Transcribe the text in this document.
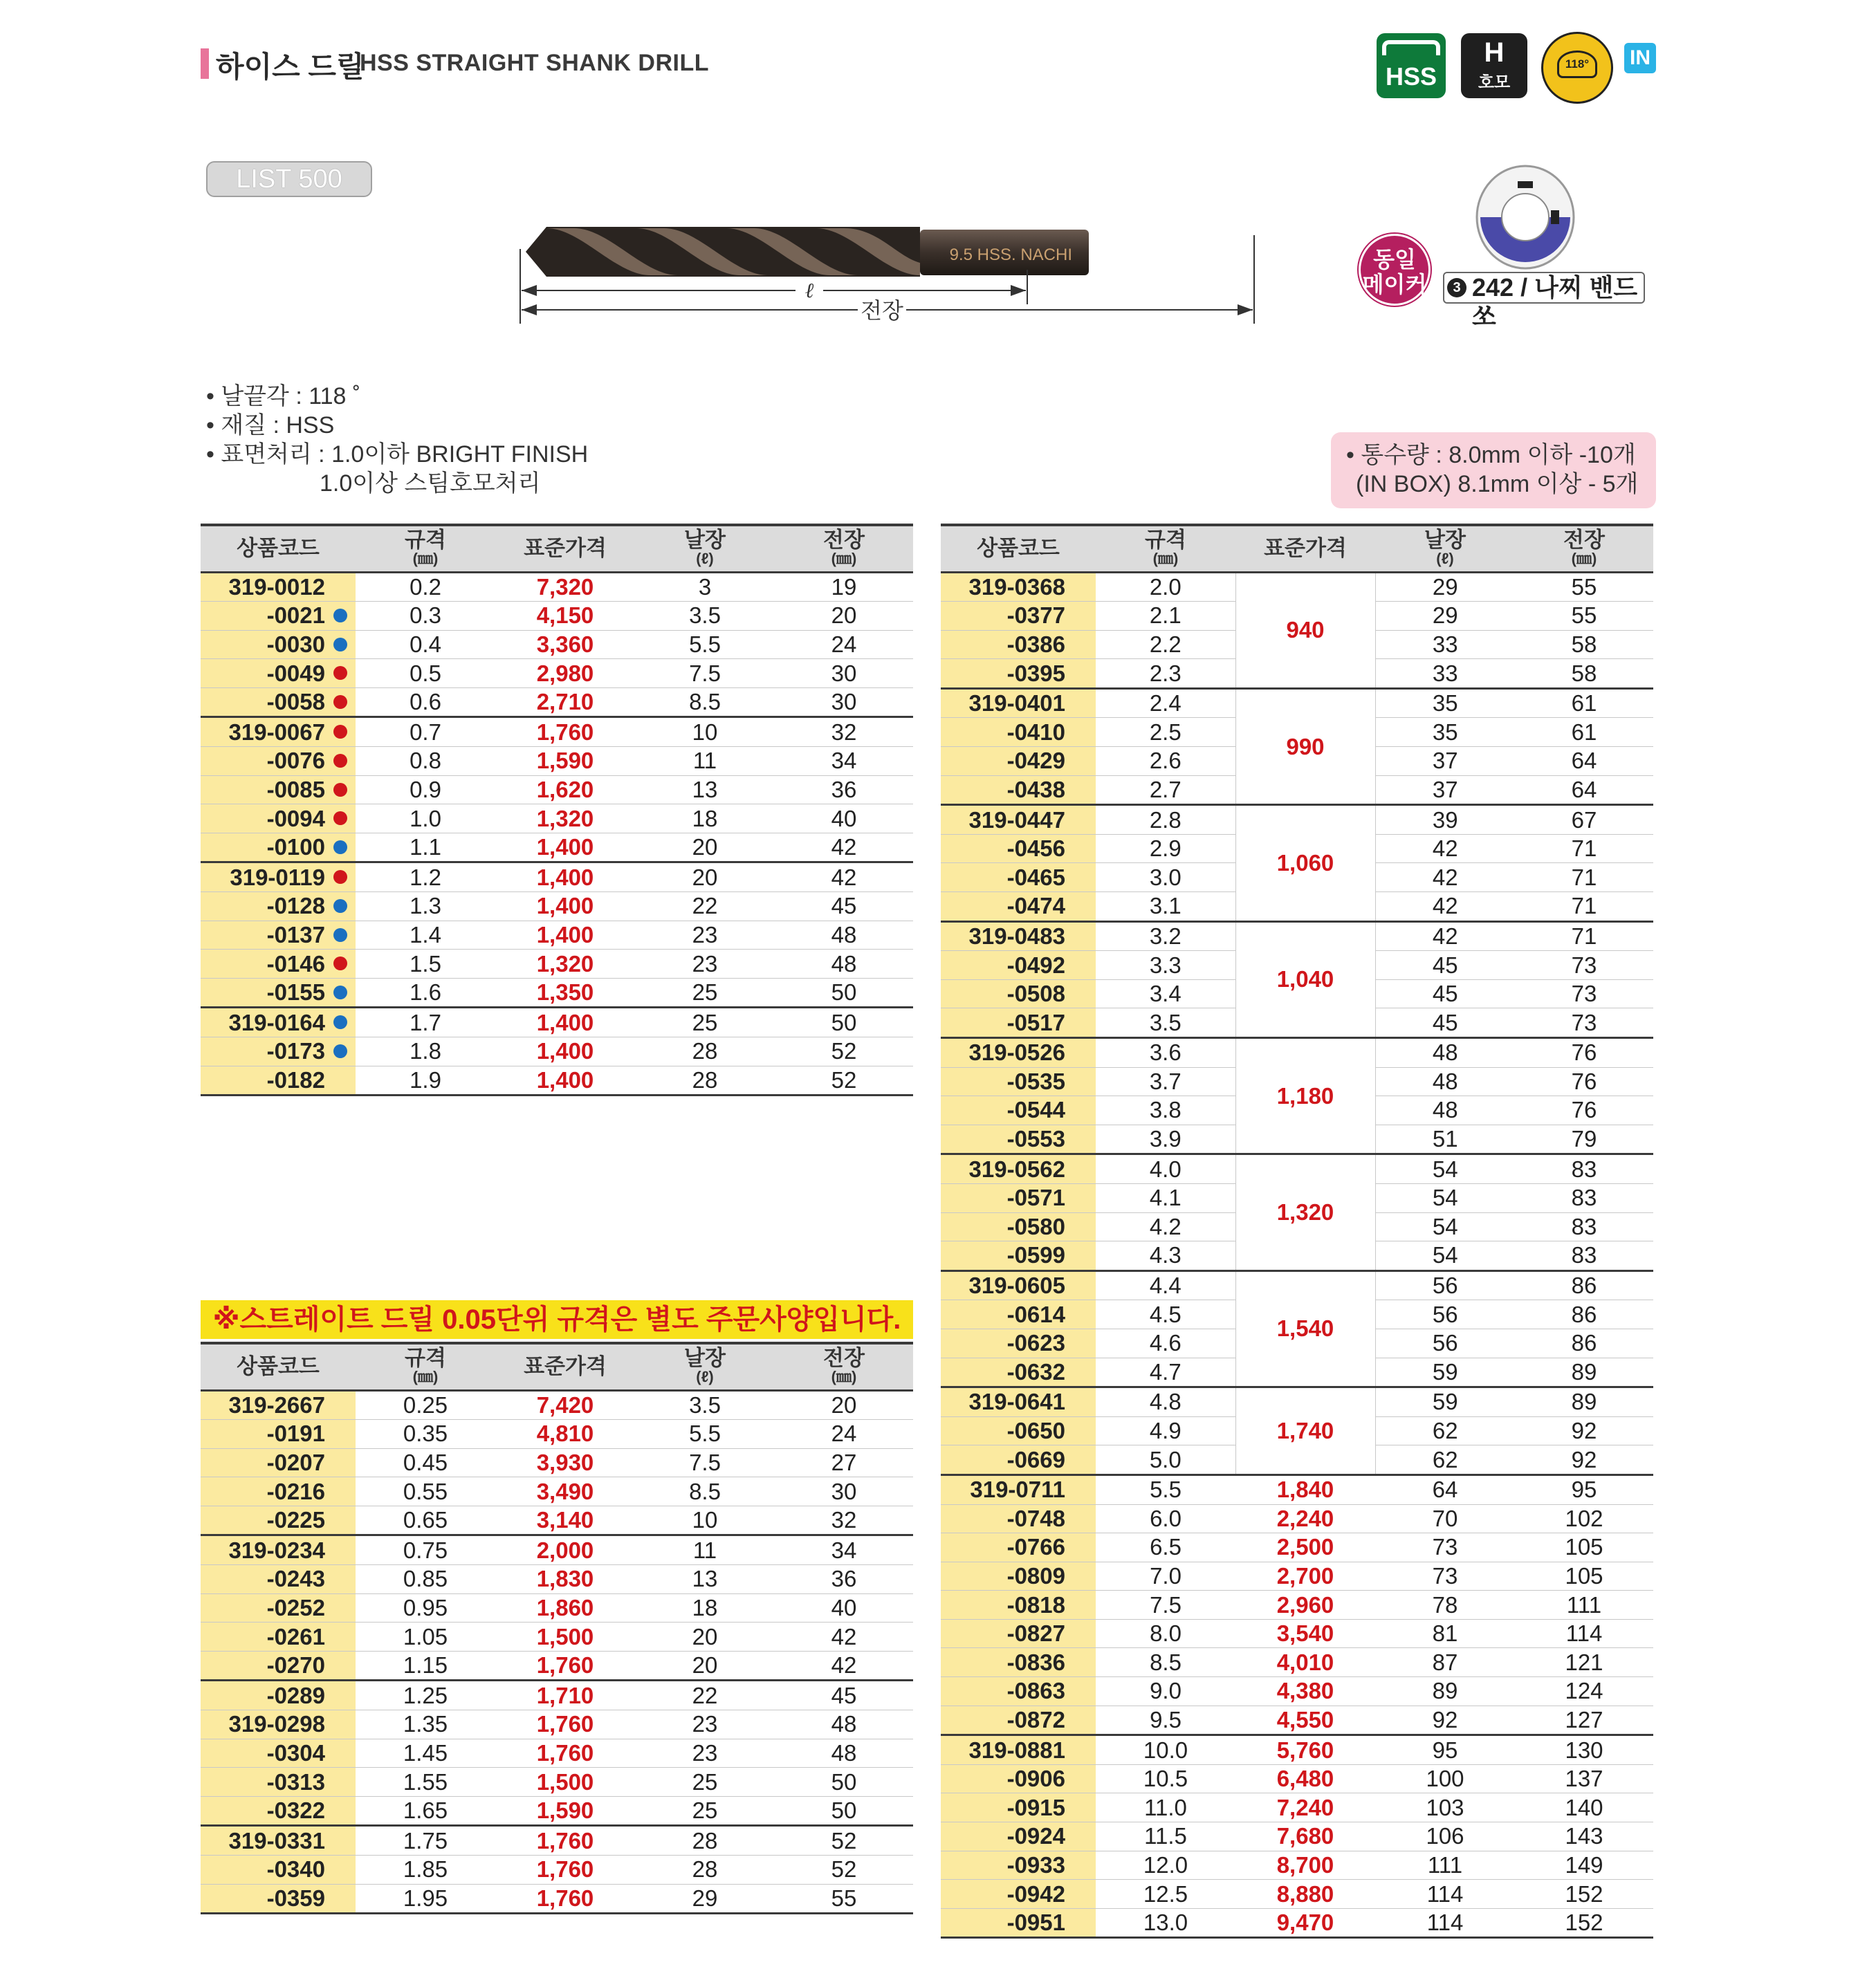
하이스 드릴
HSS STRAIGHT SHANK DRILL	HSS
H
호모
118°	IN
LIST 500
9.5 HSS. NACHI
ℓ
전장
동일
메이커	242 / 나찌 밴드쏘
3
• 날끝각 : 118 ˚
• 재질 : HSS
• 표면처리 : 1.0이하 BRIGHT FINISH
1.0이상 스팀호모처리
• 통수량 : 8.0mm 이하 -10개
(IN BOX) 8.1mm 이상 - 5개
상품코드	규격
(㎜)	표준가격	날장
(ℓ)	전장
(㎜)

319-0012	0.2	7,320	3	19
-0021	0.3	4,150	3.5	20
-0030	0.4	3,360	5.5	24
-0049	0.5	2,980	7.5	30
-0058	0.6	2,710	8.5	30
319-0067	0.7	1,760	10	32
-0076	0.8	1,590	11	34
-0085	0.9	1,620	13	36
-0094	1.0	1,320	18	40
-0100	1.1	1,400	20	42
319-0119	1.2	1,400	20	42
-0128	1.3	1,400	22	45
-0137	1.4	1,400	23	48
-0146	1.5	1,320	23	48
-0155	1.6	1,350	25	50
319-0164	1.7	1,400	25	50
-0173	1.8	1,400	28	52
-0182	1.9	1,400	28	52
※스트레이트 드릴 0.05단위 규격은 별도 주문사양입니다.
상품코드	규격
(㎜)	표준가격	날장
(ℓ)	전장
(㎜)

319-2667	0.25	7,420	3.5	20
-0191	0.35	4,810	5.5	24
-0207	0.45	3,930	7.5	27
-0216	0.55	3,490	8.5	30
-0225	0.65	3,140	10	32
319-0234	0.75	2,000	11	34
-0243	0.85	1,830	13	36
-0252	0.95	1,860	18	40
-0261	1.05	1,500	20	42
-0270	1.15	1,760	20	42
-0289	1.25	1,710	22	45
319-0298	1.35	1,760	23	48
-0304	1.45	1,760	23	48
-0313	1.55	1,500	25	50
-0322	1.65	1,590	25	50
319-0331	1.75	1,760	28	52
-0340	1.85	1,760	28	52
-0359	1.95	1,760	29	55
상품코드	규격
(㎜)	표준가격	날장
(ℓ)	전장
(㎜)

319-0368	2.0	940	29	55
-0377	2.1		29	55
-0386	2.2		33	58
-0395	2.3		33	58
319-0401	2.4	990	35	61
-0410	2.5		35	61
-0429	2.6		37	64
-0438	2.7		37	64
319-0447	2.8	1,060	39	67
-0456	2.9		42	71
-0465	3.0		42	71
-0474	3.1		42	71
319-0483	3.2	1,040	42	71
-0492	3.3		45	73
-0508	3.4		45	73
-0517	3.5		45	73
319-0526	3.6	1,180	48	76
-0535	3.7		48	76
-0544	3.8		48	76
-0553	3.9		51	79
319-0562	4.0	1,320	54	83
-0571	4.1		54	83
-0580	4.2		54	83
-0599	4.3		54	83
319-0605	4.4	1,540	56	86
-0614	4.5		56	86
-0623	4.6		56	86
-0632	4.7		59	89
319-0641	4.8	1,740	59	89
-0650	4.9		62	92
-0669	5.0		62	92
319-0711	5.5	1,840	64	95
-0748	6.0	2,240	70	102
-0766	6.5	2,500	73	105
-0809	7.0	2,700	73	105
-0818	7.5	2,960	78	111
-0827	8.0	3,540	81	114
-0836	8.5	4,010	87	121
-0863	9.0	4,380	89	124
-0872	9.5	4,550	92	127
319-0881	10.0	5,760	95	130
-0906	10.5	6,480	100	137
-0915	11.0	7,240	103	140
-0924	11.5	7,680	106	143
-0933	12.0	8,700	111	149
-0942	12.5	8,880	114	152
-0951	13.0	9,470	114	152
